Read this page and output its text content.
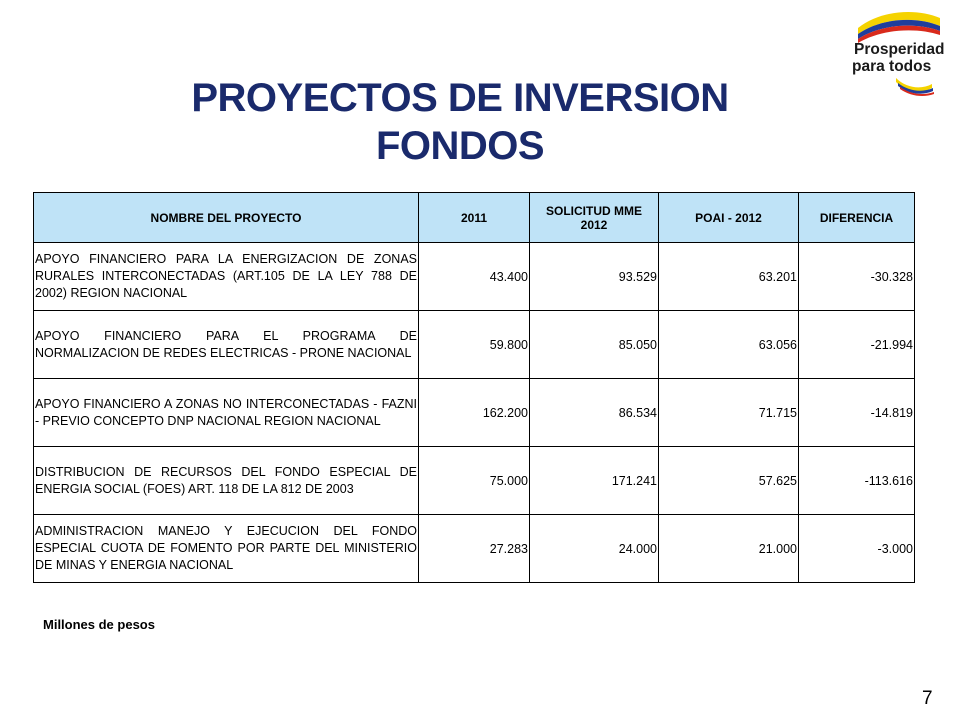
Prosperidad
para todos
PROYECTOS DE INVERSION
FONDOS
NOMBRE DEL PROYECTO	2011	SOLICITUD MME 2012	POAI - 2012	DIFERENCIA
APOYO FINANCIERO PARA LA ENERGIZACION DE ZONAS RURALES INTERCONECTADAS (ART.105 DE LA LEY 788 DE 2002) REGION NACIONAL	43.400	93.529	63.201	-30.328
APOYO FINANCIERO PARA EL PROGRAMA DE NORMALIZACION DE REDES ELECTRICAS - PRONE NACIONAL	59.800	85.050	63.056	-21.994
APOYO FINANCIERO A ZONAS NO INTERCONECTADAS - FAZNI - PREVIO CONCEPTO DNP NACIONAL REGION NACIONAL	162.200	86.534	71.715	-14.819
DISTRIBUCION DE RECURSOS DEL FONDO ESPECIAL DE ENERGIA SOCIAL (FOES) ART. 118 DE LA 812 DE 2003	75.000	171.241	57.625	-113.616
ADMINISTRACION MANEJO Y EJECUCION DEL FONDO ESPECIAL CUOTA DE FOMENTO POR PARTE DEL MINISTERIO DE MINAS Y ENERGIA NACIONAL	27.283	24.000	21.000	-3.000
Millones de pesos
7
